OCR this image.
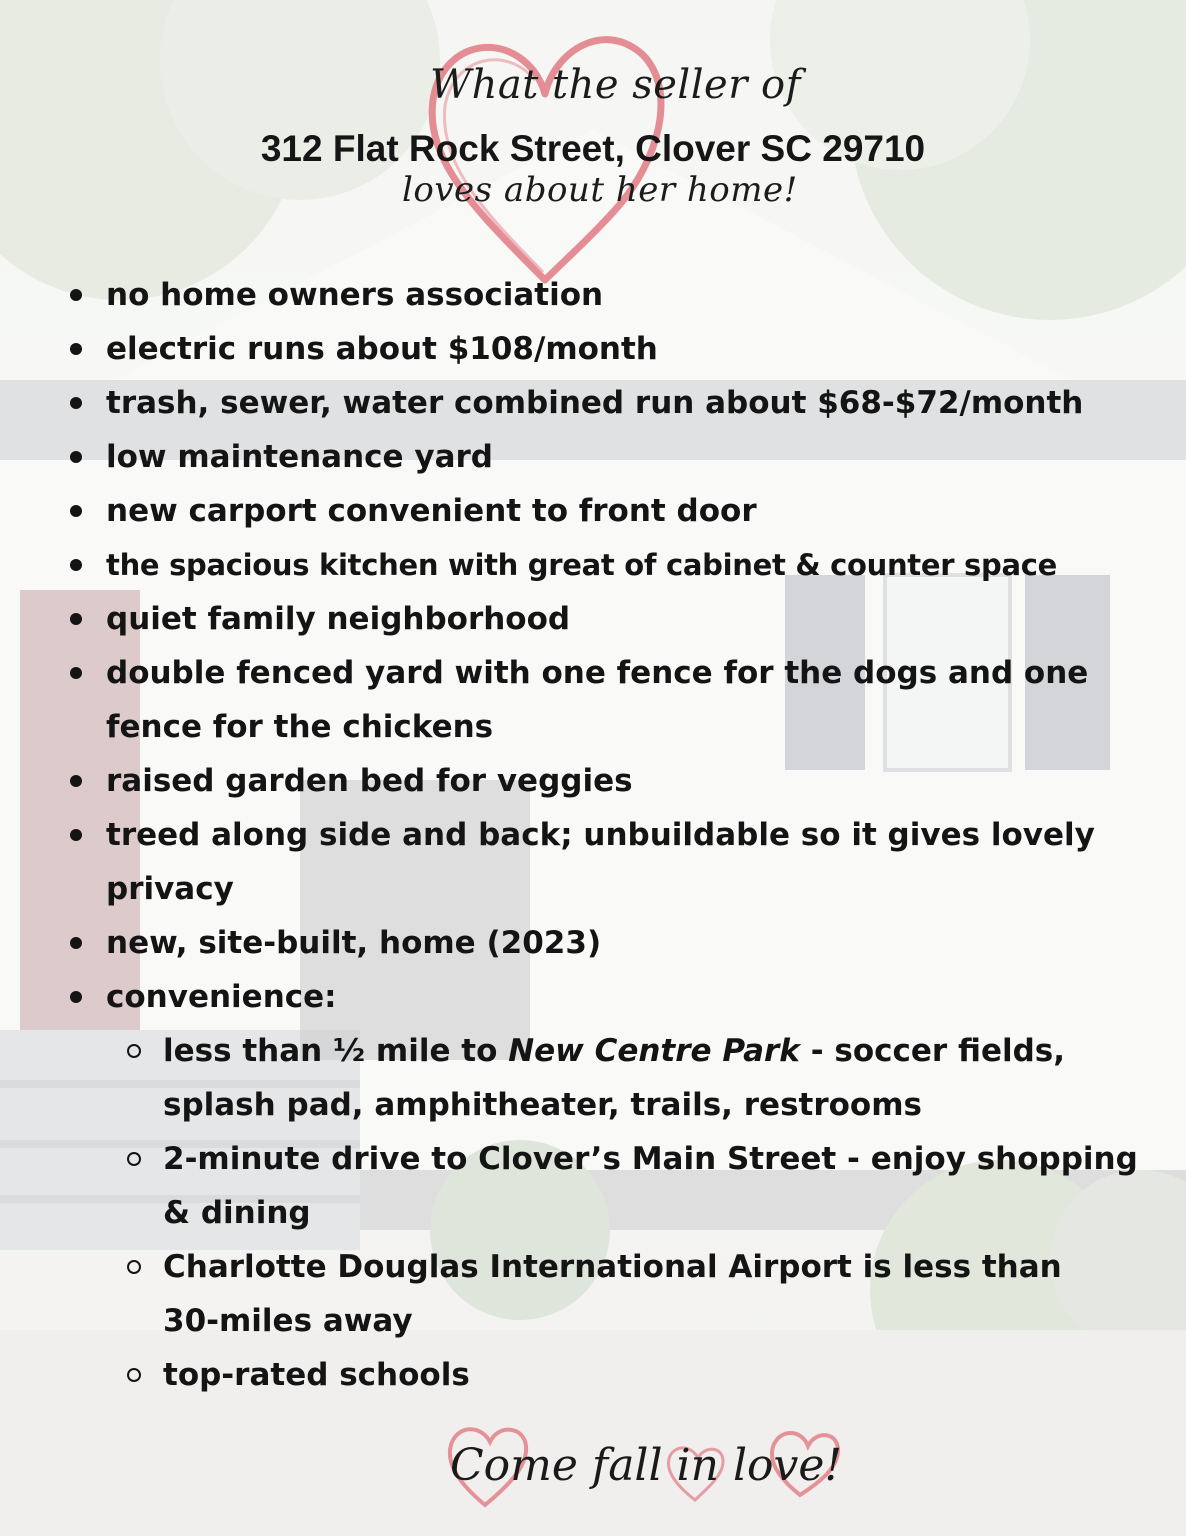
What the seller of
312 Flat Rock Street, Clover SC 29710
loves about her home!
no home owners association
electric runs about $108/month
trash, sewer, water combined run about $68-$72/month
low maintenance yard
new carport convenient to front door
the spacious kitchen with great of cabinet & counter space
quiet family neighborhood
double fenced yard with one fence for the dogs and one fence for the chickens
raised garden bed for veggies
treed along side and back; unbuildable so it gives lovely privacy
new, site-built, home (2023)
convenience:
less than ½ mile to New Centre Park - soccer fields, splash pad, amphitheater, trails, restrooms
2-minute drive to Clover’s Main Street - enjoy shopping & dining
Charlotte Douglas International Airport is less than 30-miles away
top-rated schools
Come fall in love!
